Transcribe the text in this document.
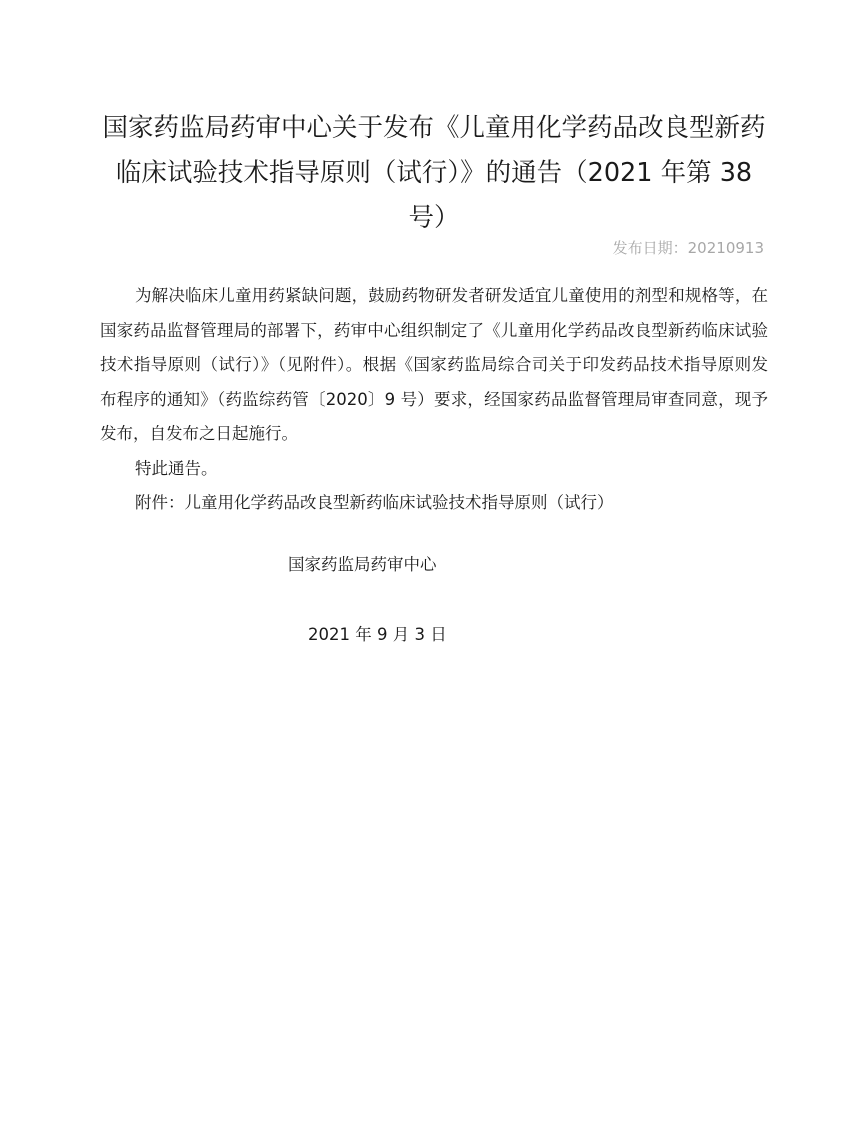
国家药监局药审中心关于发布《儿童用化学药品改良型新药临床试验技术指导原则（试行）》的通告（2021 年第 38 号）
发布日期：20210913

为解决临床儿童用药紧缺问题，鼓励药物研发者研发适宜儿童使用的剂型和规格等，在国家药品监督管理局的部署下，药审中心组织制定了《儿童用化学药品改良型新药临床试验技术指导原则（试行）》（见附件）。根据《国家药监局综合司关于印发药品技术指导原则发布程序的通知》（药监综药管〔2020〕9 号）要求，经国家药品监督管理局审查同意，现予发布，自发布之日起施行。

特此通告。

附件：儿童用化学药品改良型新药临床试验技术指导原则（试行）

国家药监局药审中心
2021 年 9 月 3 日
